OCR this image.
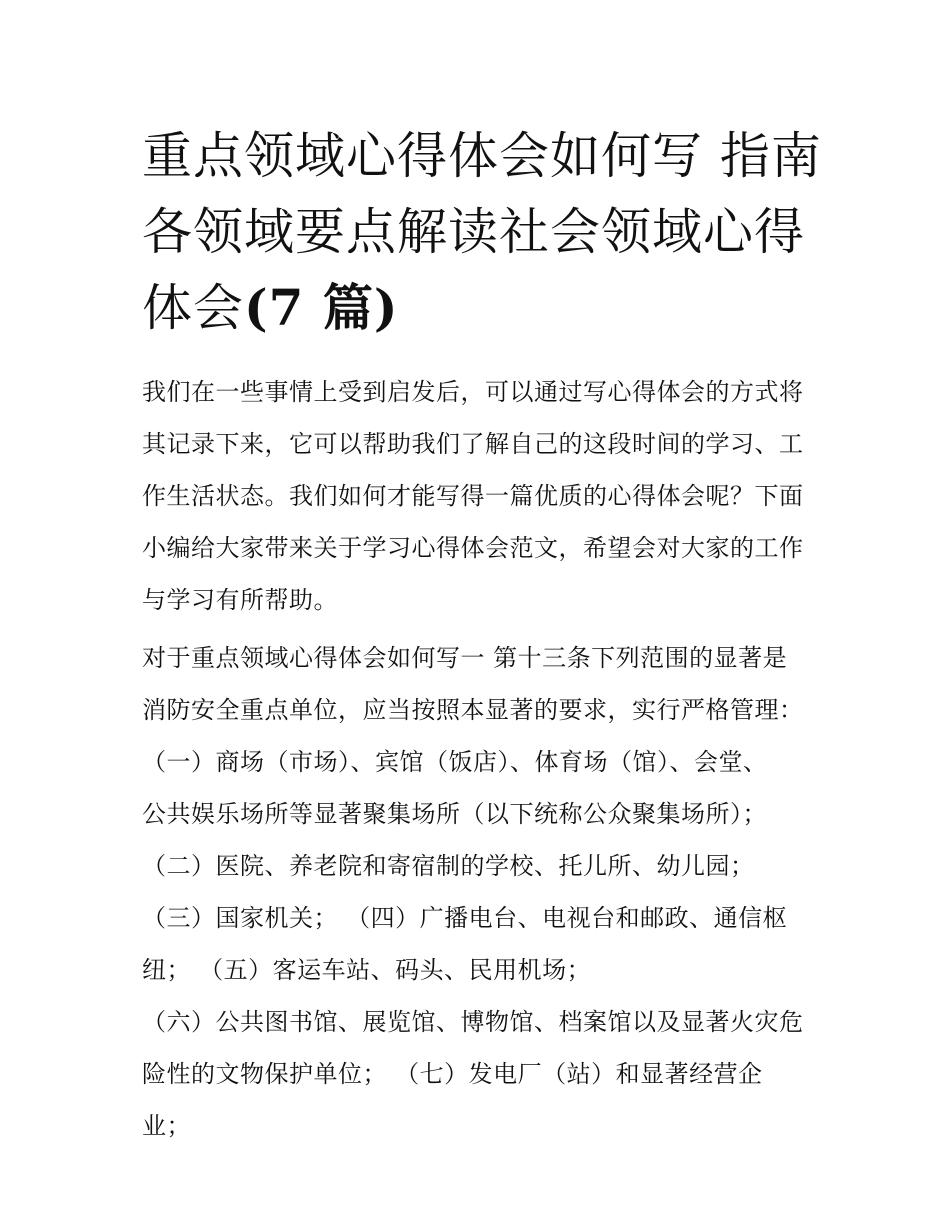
重点领域心得体会如何写 指南
各领域要点解读社会领域心得
体会(7 篇)

我们在一些事情上受到启发后，可以通过写心得体会的方式将
其记录下来，它可以帮助我们了解自己的这段时间的学习、工
作生活状态。我们如何才能写得一篇优质的心得体会呢？下面
小编给大家带来关于学习心得体会范文，希望会对大家的工作
与学习有所帮助。

对于重点领域心得体会如何写一 第十三条下列范围的显著是
消防安全重点单位，应当按照本显著的要求，实行严格管理：
（一）商场（市场）、宾馆（饭店）、体育场（馆）、会堂、
公共娱乐场所等显著聚集场所（以下统称公众聚集场所）；
（二）医院、养老院和寄宿制的学校、托儿所、幼儿园；
（三）国家机关； （四）广播电台、电视台和邮政、通信枢
纽； （五）客运车站、码头、民用机场；
（六）公共图书馆、展览馆、博物馆、档案馆以及显著火灾危
险性的文物保护单位； （七）发电厂（站）和显著经营企
业；
